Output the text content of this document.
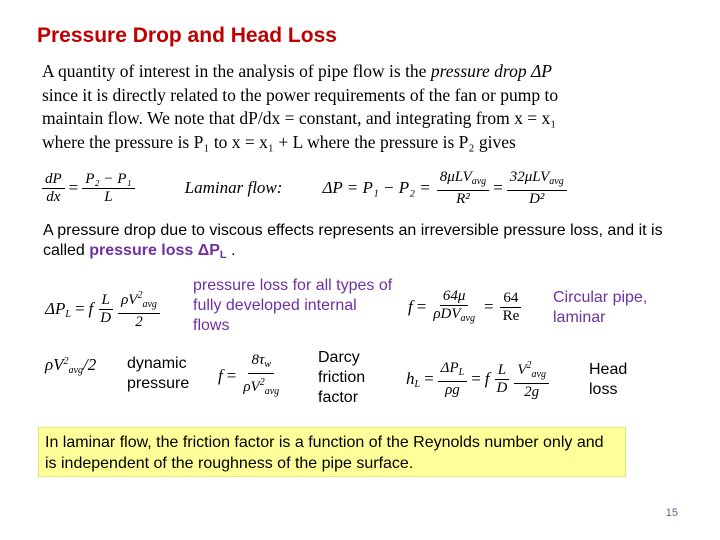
Pressure Drop and Head Loss
A quantity of interest in the analysis of pipe flow is the pressure drop ΔP
since it is directly related to the power requirements of the fan or pump to
maintain flow. We note that dP/dx = constant, and integrating from x = x₁
where the pressure is P₁ to x = x₁ + L where the pressure is P₂ gives
$\frac{dP}{dx} = \frac{\text{P₂ − P₁}}{L}$	Laminar flow: $\Delta P = P_1 - P_2 = \frac{8\mu LV_{avg}}{\text{R²}} = \frac{32\mu LV_{avg}}{\text{D²}}$
A pressure drop due to viscous effects represents an irreversible pressure loss, and it is called pressure loss $\Delta P_L$ .
$\Delta P_L = f \frac{L}{D} \frac{\rho V^2_{avg}}{2}$
pressure loss for all types of fully developed internal flows
$f = \frac{64\mu}{\rho DV_{avg}} = \frac{64}{Re}$ Circular pipe, laminar
$\rho V^2_{avg}/2$ dynamic pressure	$f = \frac{8\tau_w}{\rho V^2_{avg}}$ Darcy friction factor
$h_L = \frac{\Delta P_L}{\rho g} = f \frac{L}{D} \frac{V^2_{avg}}{2g}$	Head loss
In laminar flow, the friction factor is a function of the Reynolds number only and is independent of the roughness of the pipe surface.
15
